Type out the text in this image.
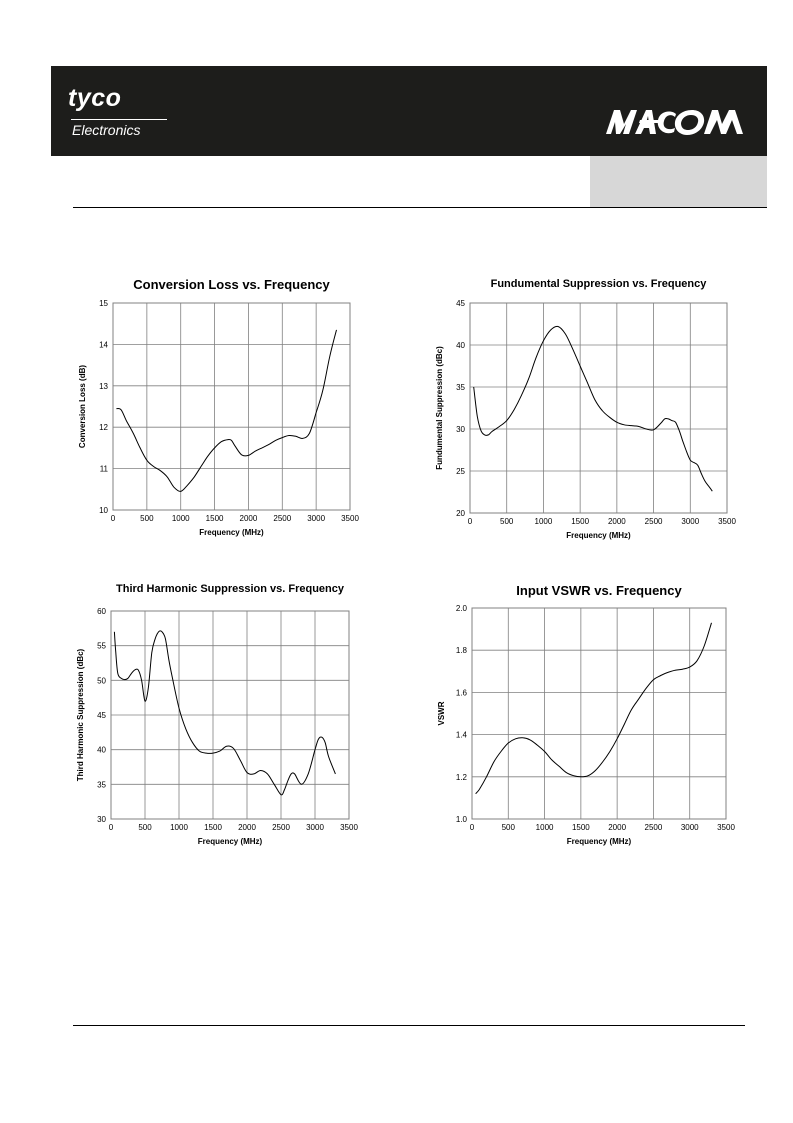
tyco
Electronics
Conversion Loss vs. Frequency
0	500 1000 1500 2000 2500 3000 3500
10
11
12
13
14
15
Frequency (MHz)
Conversion Loss (dB)
Fundumental Suppression vs. Frequency
0	500	1000 1500 2000 2500 3000 3500
20
25
30
35
40
45
Frequency (MHz)
Fundumental Suppression (dBc)
Third Harmonic Suppression vs. Frequency
0	500 1000 1500 2000 2500 3000 3500
30
35
40
45
50
55
60
Frequency (MHz)
Third Harmonic Suppression (dBc)
Input VSWR vs. Frequency
0	500	1000 1500 2000 2500 3000 3500
1.0
1.2
1.4
1.6
1.8
2.0
Frequency (MHz)
VSWR
